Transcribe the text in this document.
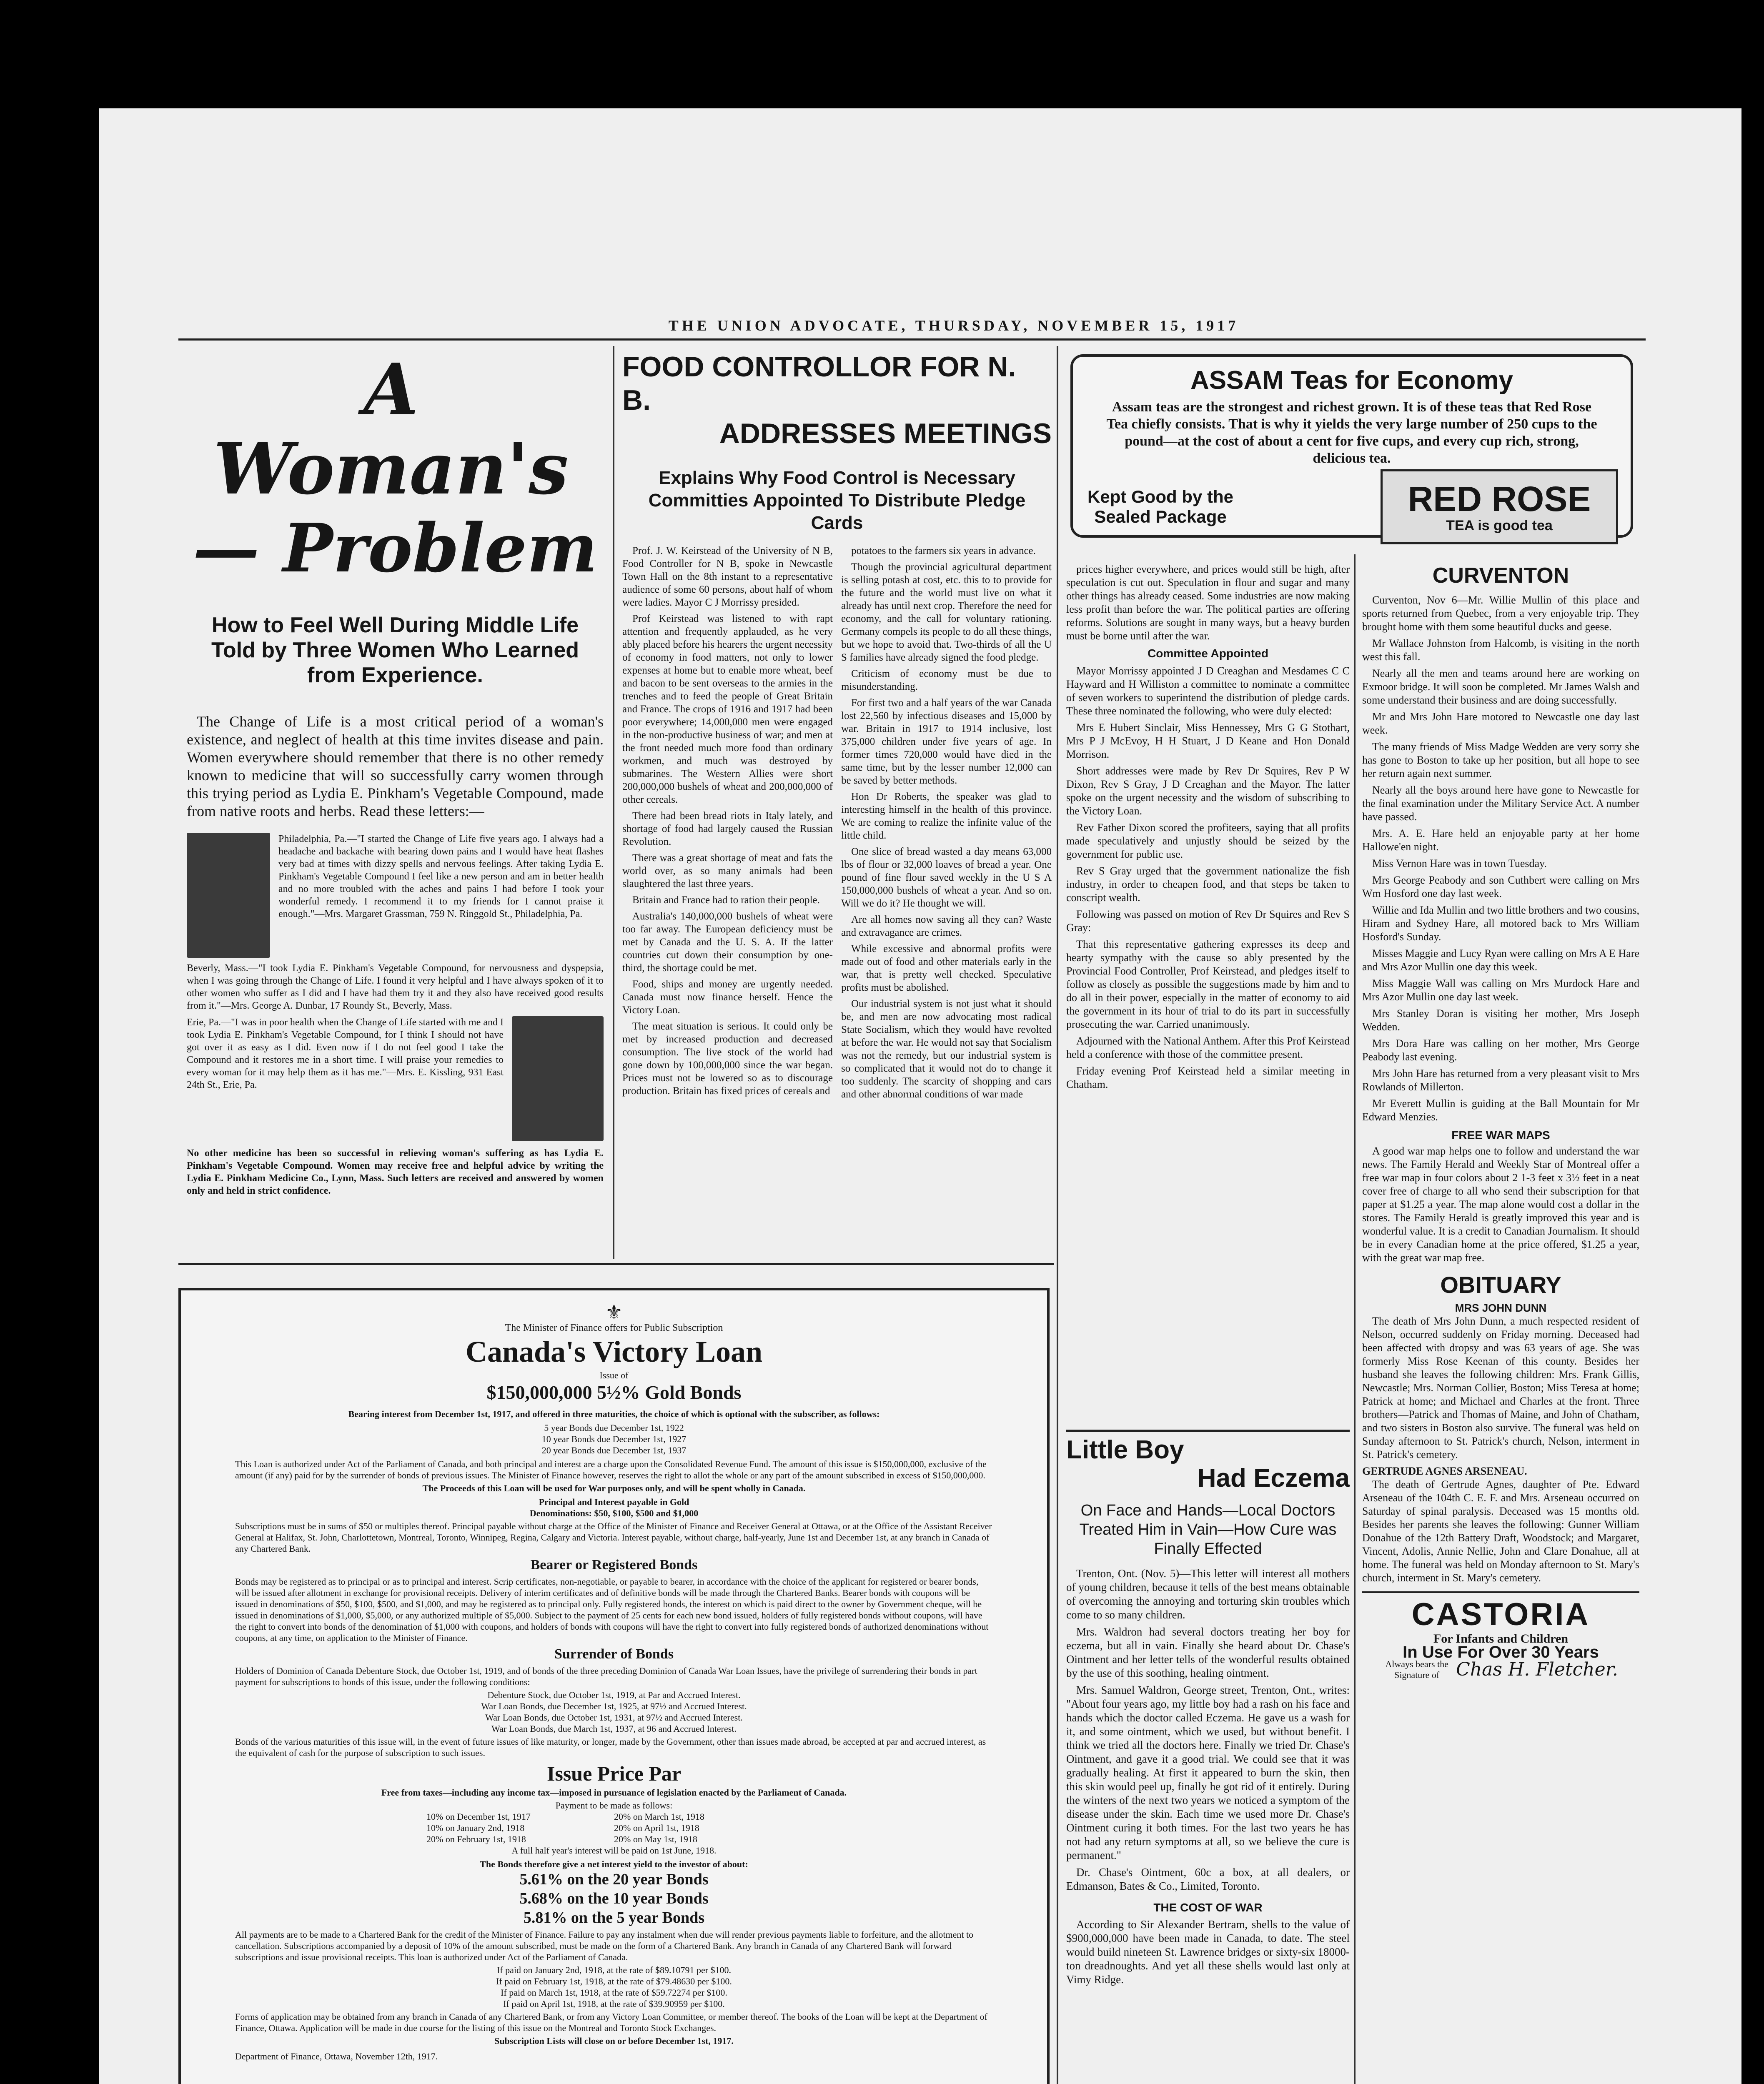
THE UNION ADVOCATE, THURSDAY, NOVEMBER 15, 1917
A Woman's
— Problem
How to Feel Well During Middle Life Told by Three Women Who Learned from Experience.

The Change of Life is a most critical period of a woman's existence, and neglect of health at this time invites disease and pain. Women everywhere should remember that there is no other remedy known to medicine that will so successfully carry women through this trying period as Lydia E. Pinkham's Vegetable Compound, made from native roots and herbs. Read these letters:—

Philadelphia, Pa.—"I started the Change of Life five years ago. I always had a headache and backache with bearing down pains and I would have heat flashes very bad at times with dizzy spells and nervous feelings. After taking Lydia E. Pinkham's Vegetable Compound I feel like a new person and am in better health and no more troubled with the aches and pains I had before I took your wonderful remedy. I recommend it to my friends for I cannot praise it enough."—Mrs. Margaret Grassman, 759 N. Ringgold St., Philadelphia, Pa.
Beverly, Mass.—"I took Lydia E. Pinkham's Vegetable Compound, for nervousness and dyspepsia, when I was going through the Change of Life. I found it very helpful and I have always spoken of it to other women who suffer as I did and I have had them try it and they also have received good results from it."—Mrs. George A. Dunbar, 17 Roundy St., Beverly, Mass.
Erie, Pa.—"I was in poor health when the Change of Life started with me and I took Lydia E. Pinkham's Vegetable Compound, for I think I should not have got over it as easy as I did. Even now if I do not feel good I take the Compound and it restores me in a short time. I will praise your remedies to every woman for it may help them as it has me."—Mrs. E. Kissling, 931 East 24th St., Erie, Pa.
No other medicine has been so successful in relieving woman's suffering as has Lydia E. Pinkham's Vegetable Compound. Women may receive free and helpful advice by writing the Lydia E. Pinkham Medicine Co., Lynn, Mass. Such letters are received and answered by women only and held in strict confidence.
FOOD CONTROLLOR FOR N. B.
ADDRESSES MEETINGS
Explains Why Food Control is Necessary Committies Appointed To Distribute Pledge Cards

Prof. J. W. Keirstead of the University of N B, Food Controller for N B, spoke in Newcastle Town Hall on the 8th instant to a representative audience of some 60 persons, about half of whom were ladies. Mayor C J Morrissy presided.

Prof Keirstead was listened to with rapt attention and frequently applauded, as he very ably placed before his hearers the urgent necessity of economy in food matters, not only to lower expenses at home but to enable more wheat, beef and bacon to be sent overseas to the armies in the trenches and to feed the people of Great Britain and France. The crops of 1916 and 1917 had been poor everywhere; 14,000,000 men were engaged in the non-productive business of war; and men at the front needed much more food than ordinary workmen, and much was destroyed by submarines. The Western Allies were short 200,000,000 bushels of wheat and 200,000,000 of other cereals.

There had been bread riots in Italy lately, and shortage of food had largely caused the Russian Revolution.

There was a great shortage of meat and fats the world over, as so many animals had been slaughtered the last three years.

Britain and France had to ration their people.

Australia's 140,000,000 bushels of wheat were too far away. The European deficiency must be met by Canada and the U. S. A. If the latter countries cut down their consumption by one-third, the shortage could be met.

Food, ships and money are urgently needed. Canada must now finance herself. Hence the Victory Loan.

The meat situation is serious. It could only be met by increased production and decreased consumption. The live stock of the world had gone down by 100,000,000 since the war began. Prices must not be lowered so as to discourage production. Britain has fixed prices of cereals and

potatoes to the farmers six years in advance.

Though the provincial agricultural department is selling potash at cost, etc. this to to provide for the future and the world must live on what it already has until next crop. Therefore the need for economy, and the call for voluntary rationing. Germany compels its people to do all these things, but we hope to avoid that. Two-thirds of all the U S families have already signed the food pledge.

Criticism of economy must be due to misunderstanding.

For first two and a half years of the war Canada lost 22,560 by infectious diseases and 15,000 by war. Britain in 1917 to 1914 inclusive, lost 375,000 children under five years of age. In former times 720,000 would have died in the same time, but by the lesser number 12,000 can be saved by better methods.

Hon Dr Roberts, the speaker was glad to interesting himself in the health of this province. We are coming to realize the infinite value of the little child.

One slice of bread wasted a day means 63,000 lbs of flour or 32,000 loaves of bread a year. One pound of fine flour saved weekly in the U S A 150,000,000 bushels of wheat a year. And so on. Will we do it? He thought we will.

Are all homes now saving all they can? Waste and extravagance are crimes.

While excessive and abnormal profits were made out of food and other materials early in the war, that is pretty well checked. Speculative profits must be abolished.

Our industrial system is not just what it should be, and men are now advocating most radical State Socialism, which they would have revolted at before the war. He would not say that Socialism was not the remedy, but our industrial system is so complicated that it would not do to change it too suddenly. The scarcity of shopping and cars and other abnormal conditions of war made

ASSAM Teas for Economy
Assam teas are the strongest and richest grown. It is of these teas that Red Rose Tea chiefly consists. That is why it yields the very large number of 250 cups to the pound—at the cost of about a cent for five cups, and every cup rich, strong, delicious tea.
Kept Good by the Sealed Package	RED ROSE
TEA is good tea

prices higher everywhere, and prices would still be high, after speculation is cut out. Speculation in flour and sugar and many other things has already ceased. Some industries are now making less profit than before the war. The political parties are offering reforms. Solutions are sought in many ways, but a heavy burden must be borne until after the war.

Committee Appointed

Mayor Morrissy appointed J D Creaghan and Mesdames C C Hayward and H Williston a committee to nominate a committee of seven workers to superintend the distribution of pledge cards. These three nominated the following, who were duly elected:

Mrs E Hubert Sinclair, Miss Hennessey, Mrs G G Stothart, Mrs P J McEvoy, H H Stuart, J D Keane and Hon Donald Morrison.

Short addresses were made by Rev Dr Squires, Rev P W Dixon, Rev S Gray, J D Creaghan and the Mayor. The latter spoke on the urgent necessity and the wisdom of subscribing to the Victory Loan.

Rev Father Dixon scored the profiteers, saying that all profits made speculatively and unjustly should be seized by the government for public use.

Rev S Gray urged that the government nationalize the fish industry, in order to cheapen food, and that steps be taken to conscript wealth.

Following was passed on motion of Rev Dr Squires and Rev S Gray:

That this representative gathering expresses its deep and hearty sympathy with the cause so ably presented by the Provincial Food Controller, Prof Keirstead, and pledges itself to follow as closely as possible the suggestions made by him and to do all in their power, especially in the matter of economy to aid the government in its hour of trial to do its part in successfully prosecuting the war. Carried unanimously.

Adjourned with the National Anthem. After this Prof Keirstead held a conference with those of the committee present.

Friday evening Prof Keirstead held a similar meeting in Chatham.

Little Boy
Had Eczema
On Face and Hands—Local Doctors Treated Him in Vain—How Cure was Finally Effected

Trenton, Ont. (Nov. 5)—This letter will interest all mothers of young children, because it tells of the best means obtainable of overcoming the annoying and torturing skin troubles which come to so many children.

Mrs. Waldron had several doctors treating her boy for eczema, but all in vain. Finally she heard about Dr. Chase's Ointment and her letter tells of the wonderful results obtained by the use of this soothing, healing ointment.

Mrs. Samuel Waldron, George street, Trenton, Ont., writes: "About four years ago, my little boy had a rash on his face and hands which the doctor called Eczema. He gave us a wash for it, and some ointment, which we used, but without benefit. I think we tried all the doctors here. Finally we tried Dr. Chase's Ointment, and gave it a good trial. We could see that it was gradually healing. At first it appeared to burn the skin, then this skin would peel up, finally he got rid of it entirely. During the winters of the next two years we noticed a symptom of the disease under the skin. Each time we used more Dr. Chase's Ointment curing it both times. For the last two years he has not had any return symptoms at all, so we believe the cure is permanent."

Dr. Chase's Ointment, 60c a box, at all dealers, or Edmanson, Bates & Co., Limited, Toronto.

THE COST OF WAR

According to Sir Alexander Bertram, shells to the value of $900,000,000 have been made in Canada, to date. The steel would build nineteen St. Lawrence bridges or sixty-six 18000-ton dreadnoughts. And yet all these shells would last only at Vimy Ridge.

CURVENTON

Curventon, Nov 6—Mr. Willie Mullin of this place and sports returned from Quebec, from a very enjoyable trip. They brought home with them some beautiful ducks and geese.

Mr Wallace Johnston from Halcomb, is visiting in the north west this fall.

Nearly all the men and teams around here are working on Exmoor bridge. It will soon be completed. Mr James Walsh and some understand their business and are doing successfully.

Mr and Mrs John Hare motored to Newcastle one day last week.

The many friends of Miss Madge Wedden are very sorry she has gone to Boston to take up her position, but all hope to see her return again next summer.

Nearly all the boys around here have gone to Newcastle for the final examination under the Military Service Act. A number have passed.

Mrs. A. E. Hare held an enjoyable party at her home Hallowe'en night.

Miss Vernon Hare was in town Tuesday.

Mrs George Peabody and son Cuthbert were calling on Mrs Wm Hosford one day last week.

Willie and Ida Mullin and two little brothers and two cousins, Hiram and Sydney Hare, all motored back to Mrs William Hosford's Sunday.

Misses Maggie and Lucy Ryan were calling on Mrs A E Hare and Mrs Azor Mullin one day this week.

Miss Maggie Wall was calling on Mrs Murdock Hare and Mrs Azor Mullin one day last week.

Mrs Stanley Doran is visiting her mother, Mrs Joseph Wedden.

Mrs Dora Hare was calling on her mother, Mrs George Peabody last evening.

Mrs John Hare has returned from a very pleasant visit to Mrs Rowlands of Millerton.

Mr Everett Mullin is guiding at the Ball Mountain for Mr Edward Menzies.

FREE WAR MAPS

A good war map helps one to follow and understand the war news. The Family Herald and Weekly Star of Montreal offer a free war map in four colors about 2 1-3 feet x 3½ feet in a neat cover free of charge to all who send their subscription for that paper at $1.25 a year. The map alone would cost a dollar in the stores. The Family Herald is greatly improved this year and is wonderful value. It is a credit to Canadian Journalism. It should be in every Canadian home at the price offered, $1.25 a year, with the great war map free.

OBITUARY
MRS JOHN DUNN

The death of Mrs John Dunn, a much respected resident of Nelson, occurred suddenly on Friday morning. Deceased had been affected with dropsy and was 63 years of age. She was formerly Miss Rose Keenan of this county. Besides her husband she leaves the following children: Mrs. Frank Gillis, Newcastle; Mrs. Norman Collier, Boston; Miss Teresa at home; Patrick at home; and Michael and Charles at the front. Three brothers—Patrick and Thomas of Maine, and John of Chatham, and two sisters in Boston also survive. The funeral was held on Sunday afternoon to St. Patrick's church, Nelson, interment in St. Patrick's cemetery.

GERTRUDE AGNES ARSENEAU.

The death of Gertrude Agnes, daughter of Pte. Edward Arseneau of the 104th C. E. F. and Mrs. Arseneau occurred on Saturday of spinal paralysis. Deceased was 15 months old. Besides her parents she leaves the following: Gunner William Donahue of the 12th Battery Draft, Woodstock; and Margaret, Vincent, Adolis, Annie Nellie, John and Clare Donahue, all at home. The funeral was held on Monday afternoon to St. Mary's church, interment in St. Mary's cemetery.

CASTORIA
For Infants and Children
In Use For Over 30 Years
Always bears the Signature of Chas H. Fletcher.
⚜
The Minister of Finance offers for Public Subscription
Canada's Victory Loan
Issue of
$150,000,000 5½% Gold Bonds
Bearing interest from December 1st, 1917, and offered in three maturities, the choice of which is optional with the subscriber, as follows:
5 year Bonds due December 1st, 1922
10 year Bonds due December 1st, 1927
20 year Bonds due December 1st, 1937

This Loan is authorized under Act of the Parliament of Canada, and both principal and interest are a charge upon the Consolidated Revenue Fund. The amount of this issue is $150,000,000, exclusive of the amount (if any) paid for by the surrender of bonds of previous issues. The Minister of Finance however, reserves the right to allot the whole or any part of the amount subscribed in excess of $150,000,000.

The Proceeds of this Loan will be used for War purposes only, and will be spent wholly in Canada.
Principal and Interest payable in Gold
Denominations: $50, $100, $500 and $1,000

Subscriptions must be in sums of $50 or multiples thereof. Principal payable without charge at the Office of the Minister of Finance and Receiver General at Ottawa, or at the Office of the Assistant Receiver General at Halifax, St. John, Charlottetown, Montreal, Toronto, Winnipeg, Regina, Calgary and Victoria. Interest payable, without charge, half-yearly, June 1st and December 1st, at any branch in Canada of any Chartered Bank.

Bearer or Registered Bonds

Bonds may be registered as to principal or as to principal and interest. Scrip certificates, non-negotiable, or payable to bearer, in accordance with the choice of the applicant for registered or bearer bonds, will be issued after allotment in exchange for provisional receipts. Delivery of interim certificates and of definitive bonds will be made through the Chartered Banks. Bearer bonds with coupons will be issued in denominations of $50, $100, $500, and $1,000, and may be registered as to principal only. Fully registered bonds, the interest on which is paid direct to the owner by Government cheque, will be issued in denominations of $1,000, $5,000, or any authorized multiple of $5,000. Subject to the payment of 25 cents for each new bond issued, holders of fully registered bonds without coupons, will have the right to convert into bonds of the denomination of $1,000 with coupons, and holders of bonds with coupons will have the right to convert into fully registered bonds of authorized denominations without coupons, at any time, on application to the Minister of Finance.

Surrender of Bonds

Holders of Dominion of Canada Debenture Stock, due October 1st, 1919, and of bonds of the three preceding Dominion of Canada War Loan Issues, have the privilege of surrendering their bonds in part payment for subscriptions to bonds of this issue, under the following conditions:

Debenture Stock, due October 1st, 1919, at Par and Accrued Interest.
War Loan Bonds, due December 1st, 1925, at 97½ and Accrued Interest.
War Loan Bonds, due October 1st, 1931, at 97½ and Accrued Interest.
War Loan Bonds, due March 1st, 1937, at 96 and Accrued Interest.

Bonds of the various maturities of this issue will, in the event of future issues of like maturity, or longer, made by the Government, other than issues made abroad, be accepted at par and accrued interest, as the equivalent of cash for the purpose of subscription to such issues.

Issue Price Par
Free from taxes—including any income tax—imposed in pursuance of legislation enacted by the Parliament of Canada.
Payment to be made as follows:
10% on December 1st, 1917	20% on March 1st, 1918
10% on January 2nd, 1918	20% on April 1st, 1918
20% on February 1st, 1918	20% on May 1st, 1918
A full half year's interest will be paid on 1st June, 1918.
The Bonds therefore give a net interest yield to the investor of about:
5.61% on the 20 year Bonds
5.68% on the 10 year Bonds
5.81% on the 5 year Bonds

All payments are to be made to a Chartered Bank for the credit of the Minister of Finance. Failure to pay any instalment when due will render previous payments liable to forfeiture, and the allotment to cancellation. Subscriptions accompanied by a deposit of 10% of the amount subscribed, must be made on the form of a Chartered Bank. Any branch in Canada of any Chartered Bank will forward subscriptions and issue provisional receipts. This loan is authorized under Act of the Parliament of Canada.

If paid on January 2nd, 1918, at the rate of $89.10791 per $100.
If paid on February 1st, 1918, at the rate of $79.48630 per $100.
If paid on March 1st, 1918, at the rate of $59.72274 per $100.
If paid on April 1st, 1918, at the rate of $39.90959 per $100.

Forms of application may be obtained from any branch in Canada of any Chartered Bank, or from any Victory Loan Committee, or member thereof. The books of the Loan will be kept at the Department of Finance, Ottawa. Application will be made in due course for the listing of this issue on the Montreal and Toronto Stock Exchanges.

Subscription Lists will close on or before December 1st, 1917.
Department of Finance, Ottawa, November 12th, 1917.
